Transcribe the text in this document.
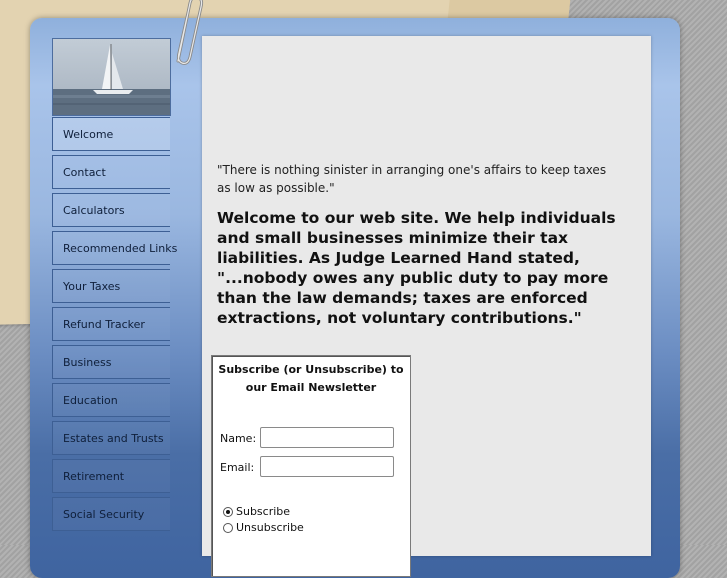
Welcome
Contact
Calculators
Recommended Links
Your Taxes
Refund Tracker
Business
Education
Estates and Trusts
Retirement
Social Security
"There is nothing sinister in arranging one's affairs to keep taxes as low as possible."
Welcome to our web site. We help individuals and small businesses minimize their tax liabilities. As Judge Learned Hand stated, "...nobody owes any public duty to pay more than the law demands; taxes are enforced extractions, not voluntary contributions."
Subscribe (or Unsubscribe) to our Email Newsletter
Name:
Email:
Subscribe
Unsubscribe
